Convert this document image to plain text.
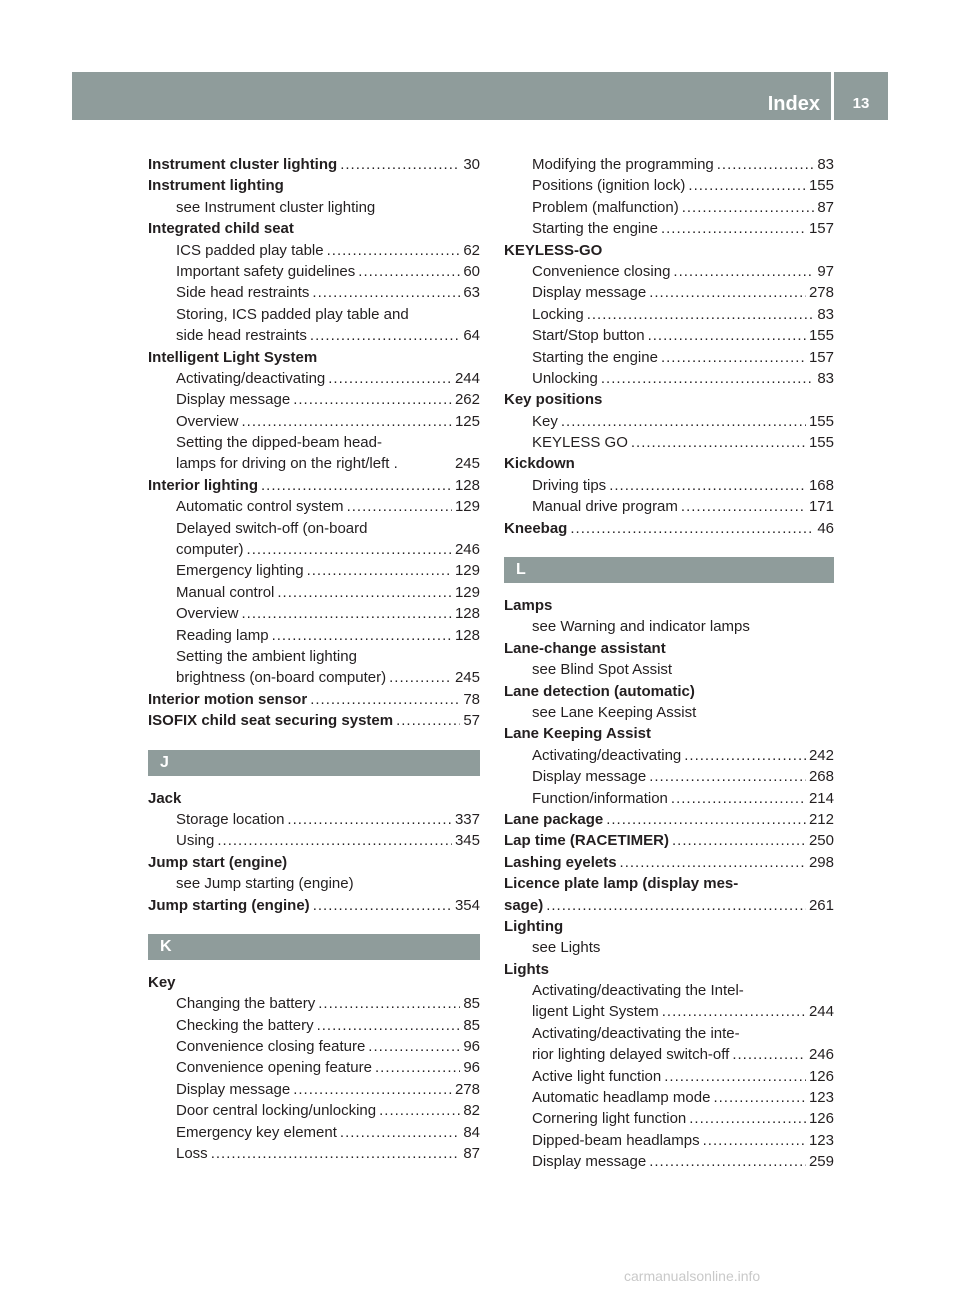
Index	13
Instrument cluster lighting .....	30
Instrument lighting
see Instrument cluster lighting
Integrated child seat
ICS padded play table .....	62
Important safety guidelines .....	60
Side head restraints .....	63
Storing, ICS padded play table and
side head restraints .....	64
Intelligent Light System
Activating/deactivating .....	244
Display message .....	262
Overview .....	125
Setting the dipped-beam head-
lamps for driving on the right/left .	245
Interior lighting .....	128
Automatic control system .....	129
Delayed switch-off (on-board
computer) .....	246
Emergency lighting .....	129
Manual control .....	129
Overview .....	128
Reading lamp .....	128
Setting the ambient lighting
brightness (on-board computer) .....	245
Interior motion sensor .....	78
ISOFIX child seat securing system .....	57
J
Jack
Storage location .....	337
Using .....	345
Jump start (engine)
see Jump starting (engine)
Jump starting (engine) .....	354
K
Key
Changing the battery .....	85
Checking the battery .....	85
Convenience closing feature .....	96
Convenience opening feature .....	96
Display message .....	278
Door central locking/unlocking .....	82
Emergency key element .....	84
Loss .....	87
Modifying the programming .....	83
Positions (ignition lock) .....	155
Problem (malfunction) .....	87
Starting the engine .....	157
KEYLESS-GO
Convenience closing .....	97
Display message .....	278
Locking .....	83
Start/Stop button .....	155
Starting the engine .....	157
Unlocking .....	83
Key positions
Key .....	155
KEYLESS GO .....	155
Kickdown
Driving tips .....	168
Manual drive program .....	171
Kneebag .....	46
L
Lamps
see Warning and indicator lamps
Lane-change assistant
see Blind Spot Assist
Lane detection (automatic)
see Lane Keeping Assist
Lane Keeping Assist
Activating/deactivating .....	242
Display message .....	268
Function/information .....	214
Lane package .....	212
Lap time (RACETIMER) .....	250
Lashing eyelets .....	298
Licence plate lamp (display mes-
sage) .....	261
Lighting
see Lights
Lights
Activating/deactivating the Intel-
ligent Light System .....	244
Activating/deactivating the inte-
rior lighting delayed switch-off .....	246
Active light function .....	126
Automatic headlamp mode .....	123
Cornering light function .....	126
Dipped-beam headlamps .....	123
Display message .....	259
carmanualsonline.info
